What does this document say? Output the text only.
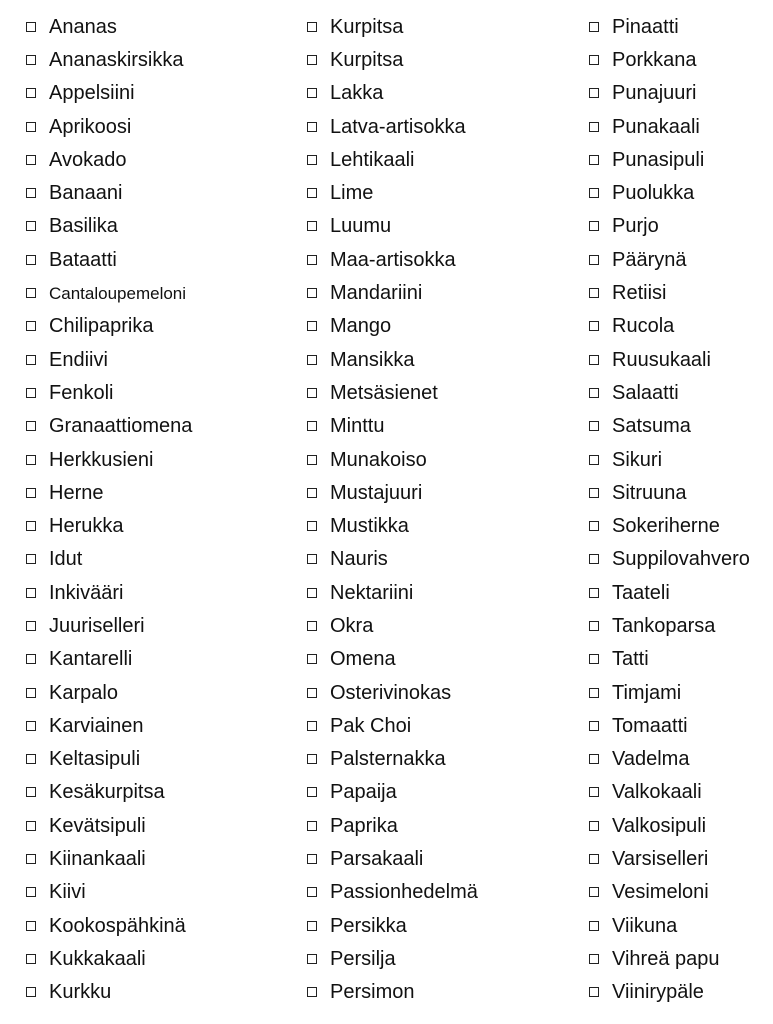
Ananas
Ananaskirsikka
Appelsiini
Aprikoosi
Avokado
Banaani
Basilika
Bataatti
Cantaloupemeloni
Chilipaprika
Endiivi
Fenkoli
Granaattiomena
Herkkusieni
Herne
Herukka
Idut
Inkivääri
Juuriselleri
Kantarelli
Karpalo
Karviainen
Keltasipuli
Kesäkurpitsa
Kevätsipuli
Kiinankaali
Kiivi
Kookospähkinä
Kukkakaali
Kurkku
Kurpitsa
Kurpitsa
Lakka
Latva-artisokka
Lehtikaali
Lime
Luumu
Maa-artisokka
Mandariini
Mango
Mansikka
Metsäsienet
Minttu
Munakoiso
Mustajuuri
Mustikka
Nauris
Nektariini
Okra
Omena
Osterivinokas
Pak Choi
Palsternakka
Papaija
Paprika
Parsakaali
Passionhedelmä
Persikka
Persilja
Persimon
Pinaatti
Porkkana
Punajuuri
Punakaali
Punasipuli
Puolukka
Purjo
Päärynä
Retiisi
Rucola
Ruusukaali
Salaatti
Satsuma
Sikuri
Sitruuna
Sokeriherne
Suppilovahvero
Taateli
Tankoparsa
Tatti
Timjami
Tomaatti
Vadelma
Valkokaali
Valkosipuli
Varsiselleri
Vesimeloni
Viikuna
Vihreä papu
Viinirypäle
